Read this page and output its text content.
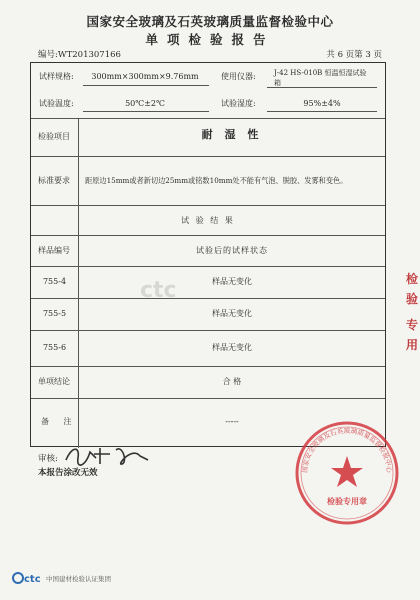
国家安全玻璃及石英玻璃质量监督检验中心
单项检验报告
编号:WT201307166	共 6 页第 3 页
ctc
试样规格: 300mm×300mm×9.76mm	使用仪器:	J-42 HS-010B 恒温恒湿试验
箱
试验温度:	50℃±2℃	试验湿度:	95%±4%
检验项目	耐 湿 性
标准要求 距原边15mm或者新切边25mm或铭数10mm处不能有气泡、脱胶、发雾和变色。
试 验 结 果
样品编号	试验后的试样状态
755-4	样品无变化
755-5	样品无变化
755-6	样品无变化
单项结论	合 格
备 注	-----
审核:
本报告涂改无效	国家安全玻璃及石英玻璃质量监督检验中心
检验专用章
检
验
专
用
ctc 中国建材检验认证集团
